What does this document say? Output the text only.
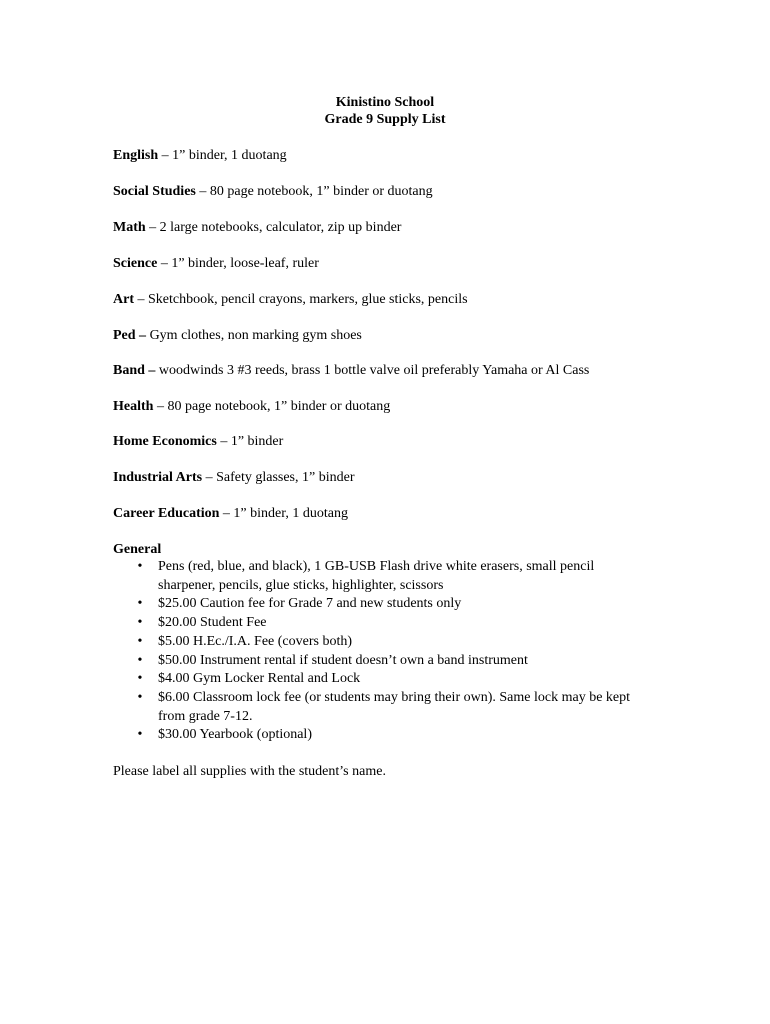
Kinistino School
Grade 9 Supply List
English – 1” binder, 1 duotang
Social Studies – 80 page notebook, 1” binder or duotang
Math – 2 large notebooks, calculator, zip up binder
Science – 1” binder, loose-leaf, ruler
Art – Sketchbook, pencil crayons, markers, glue sticks, pencils
Ped – Gym clothes, non marking gym shoes
Band – woodwinds 3 #3 reeds, brass 1 bottle valve oil preferably Yamaha or Al Cass
Health – 80 page notebook, 1” binder or duotang
Home Economics – 1” binder
Industrial Arts – Safety glasses, 1” binder
Career Education – 1” binder, 1 duotang
General
• Pens (red, blue, and black), 1 GB-USB Flash drive white erasers, small pencil sharpener, pencils, glue sticks, highlighter, scissors
• $25.00 Caution fee for Grade 7 and new students only
• $20.00 Student Fee
• $5.00 H.Ec./I.A. Fee (covers both)
• $50.00 Instrument rental if student doesn’t own a band instrument
• $4.00 Gym Locker Rental and Lock
• $6.00 Classroom lock fee (or students may bring their own). Same lock may be kept from grade 7-12.
• $30.00 Yearbook (optional)
Please label all supplies with the student’s name.
